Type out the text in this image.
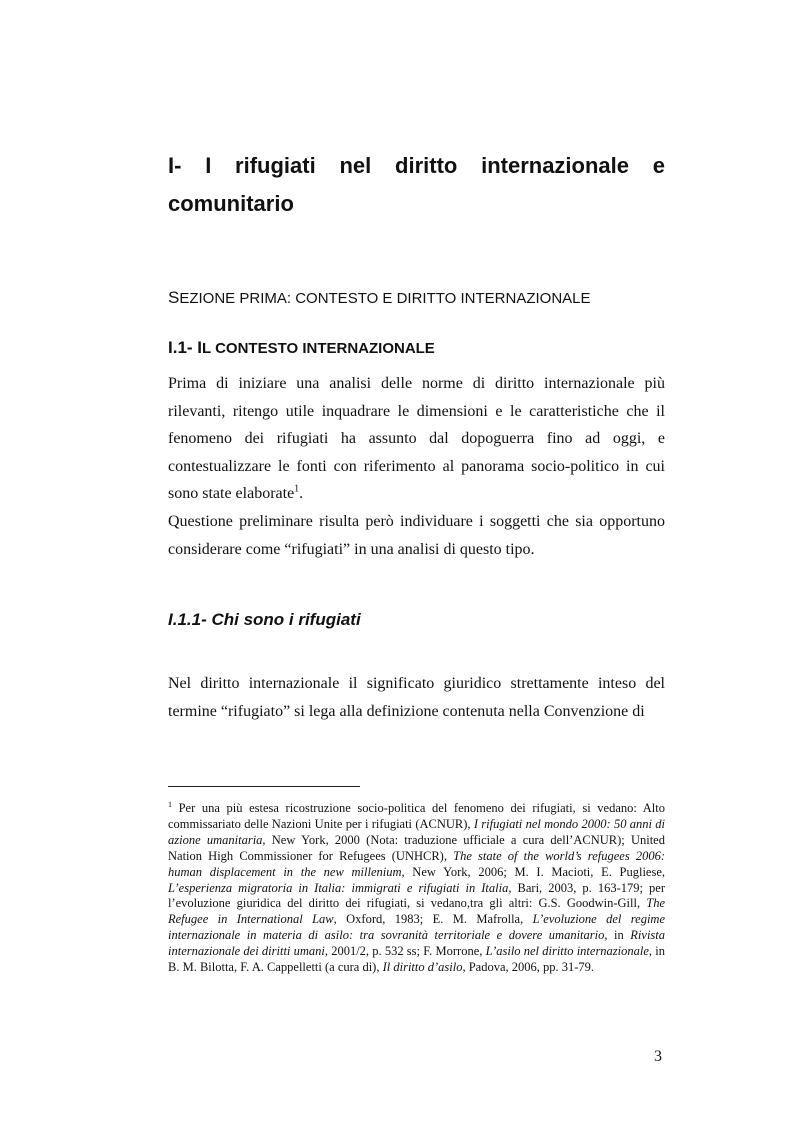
I- I rifugiati nel diritto internazionale e
comunitario
SEZIONE PRIMA: CONTESTO E DIRITTO INTERNAZIONALE
I.1- IL CONTESTO INTERNAZIONALE

Prima di iniziare una analisi delle norme di diritto internazionale più rilevanti, ritengo utile inquadrare le dimensioni e le caratteristiche che il fenomeno dei rifugiati ha assunto dal dopoguerra fino ad oggi, e contestualizzare le fonti con riferimento al panorama socio-politico in cui sono state elaborate$^1$.

Questione preliminare risulta però individuare i soggetti che sia opportuno considerare come “rifugiati” in una analisi di questo tipo.

I.1.1- Chi sono i rifugiati

Nel diritto internazionale il significato giuridico strettamente inteso del termine “rifugiato” si lega alla definizione contenuta nella Convenzione di

$^1$ Per una più estesa ricostruzione socio-politica del fenomeno dei rifugiati, si vedano: Alto commissariato delle Nazioni Unite per i rifugiati (ACNUR), I rifugiati nel mondo 2000: 50 anni di azione umanitaria, New York, 2000 (Nota: traduzione ufficiale a cura dell’ACNUR); United Nation High Commissioner for Refugees (UNHCR), The state of the world’s refugees 2006: human displacement in the new millenium, New York, 2006; M. I. Macioti, E. Pugliese, L’esperienza migratoria in Italia: immigrati e rifugiati in Italia, Bari, 2003, p. 163-179; per l’evoluzione giuridica del diritto dei rifugiati, si vedano,tra gli altri: G.S. Goodwin-Gill, The Refugee in International Law, Oxford, 1983; E. M. Mafrolla, L’evoluzione del regime internazionale in materia di asilo: tra sovranità territoriale e dovere umanitario, in Rivista internazionale dei diritti umani, 2001/2, p. 532 ss; F. Morrone, L’asilo nel diritto internazionale, in B. M. Bilotta, F. A. Cappelletti (a cura di), Il diritto d’asilo, Padova, 2006, pp. 31-79.

3
